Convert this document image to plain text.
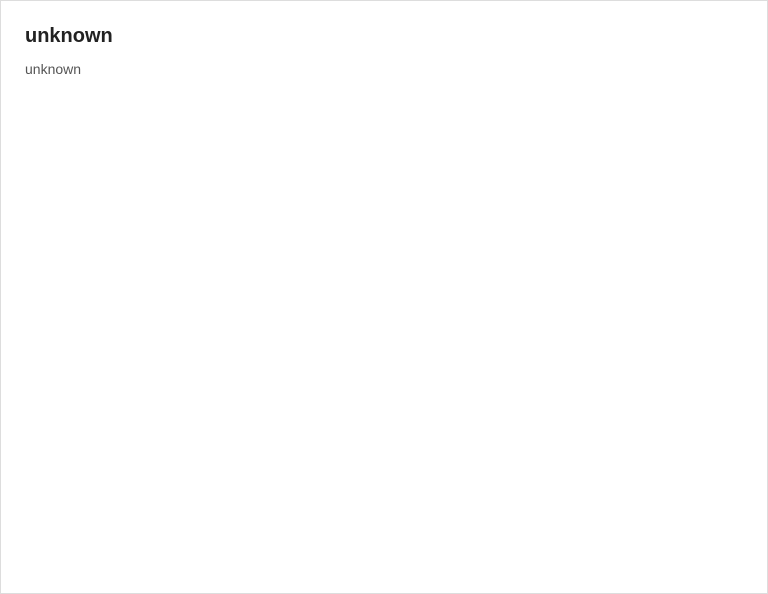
unknown
unknown
